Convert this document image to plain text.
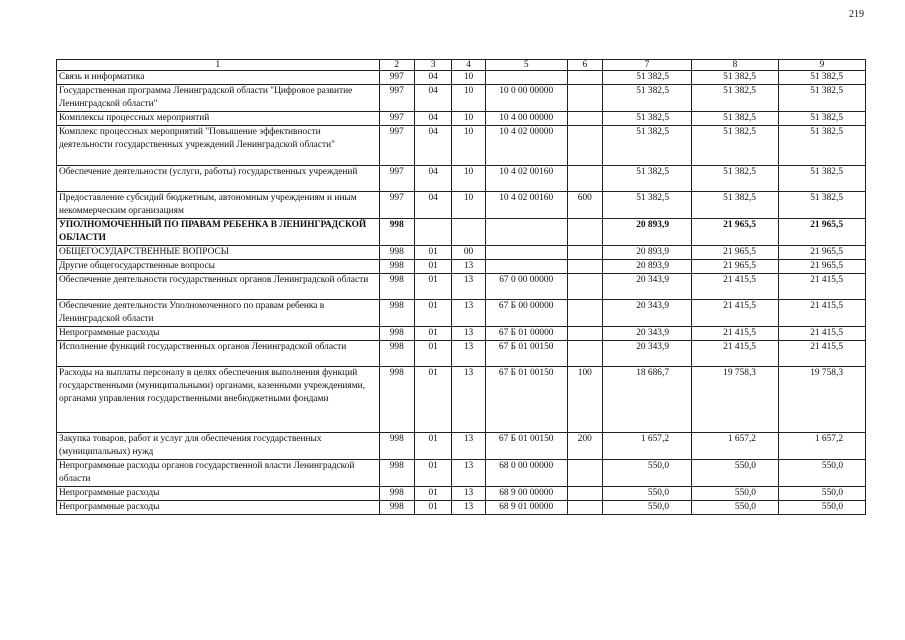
219
1	2	3	4	5	6	7	8	9
Связь и информатика	997	04	10			51 382,5	51 382,5	51 382,5
Государственная программа Ленинградской области "Цифровое развитие Ленинградской области"	997	04	10	10 0 00 00000		51 382,5	51 382,5	51 382,5
Комплексы процессных мероприятий	997	04	10	10 4 00 00000		51 382,5	51 382,5	51 382,5
Комплекс процессных мероприятий "Повышение эффективности деятельности государственных учреждений Ленинградской области"	997	04	10	10 4 02 00000		51 382,5	51 382,5	51 382,5
Обеспечение деятельности (услуги, работы) государственных учреждений	997	04	10	10 4 02 00160		51 382,5	51 382,5	51 382,5
Предоставление субсидий бюджетным, автономным учреждениям и иным некоммерческим организациям	997	04	10	10 4 02 00160	600	51 382,5	51 382,5	51 382,5
УПОЛНОМОЧЕННЫЙ ПО ПРАВАМ РЕБЕНКА В ЛЕНИНГРАДСКОЙ ОБЛАСТИ	998					20 893,9	21 965,5	21 965,5
ОБЩЕГОСУДАРСТВЕННЫЕ ВОПРОСЫ	998	01	00			20 893,9	21 965,5	21 965,5
Другие общегосударственные вопросы	998	01	13			20 893,9	21 965,5	21 965,5
Обеспечение деятельности государственных органов Ленинградской области	998	01	13	67 0 00 00000		20 343,9	21 415,5	21 415,5
Обеспечение деятельности Уполномоченного по правам ребенка в Ленинградской области	998	01	13	67 Б 00 00000		20 343,9	21 415,5	21 415,5
Непрограммные расходы	998	01	13	67 Б 01 00000		20 343,9	21 415,5	21 415,5
Исполнение функций государственных органов Ленинградской области	998	01	13	67 Б 01 00150		20 343,9	21 415,5	21 415,5
Расходы на выплаты персоналу в целях обеспечения выполнения функций государственными (муниципальными) органами, казенными учреждениями, органами управления государственными внебюджетными фондами	998	01	13	67 Б 01 00150	100	18 686,7	19 758,3	19 758,3
Закупка товаров, работ и услуг для обеспечения государственных (муниципальных) нужд	998	01	13	67 Б 01 00150	200	1 657,2	1 657,2	1 657,2
Непрограммные расходы органов государственной власти Ленинградской области	998	01	13	68 0 00 00000		550,0	550,0	550,0
Непрограммные расходы	998	01	13	68 9 00 00000		550,0	550,0	550,0
Непрограммные расходы	998	01	13	68 9 01 00000		550,0	550,0	550,0
